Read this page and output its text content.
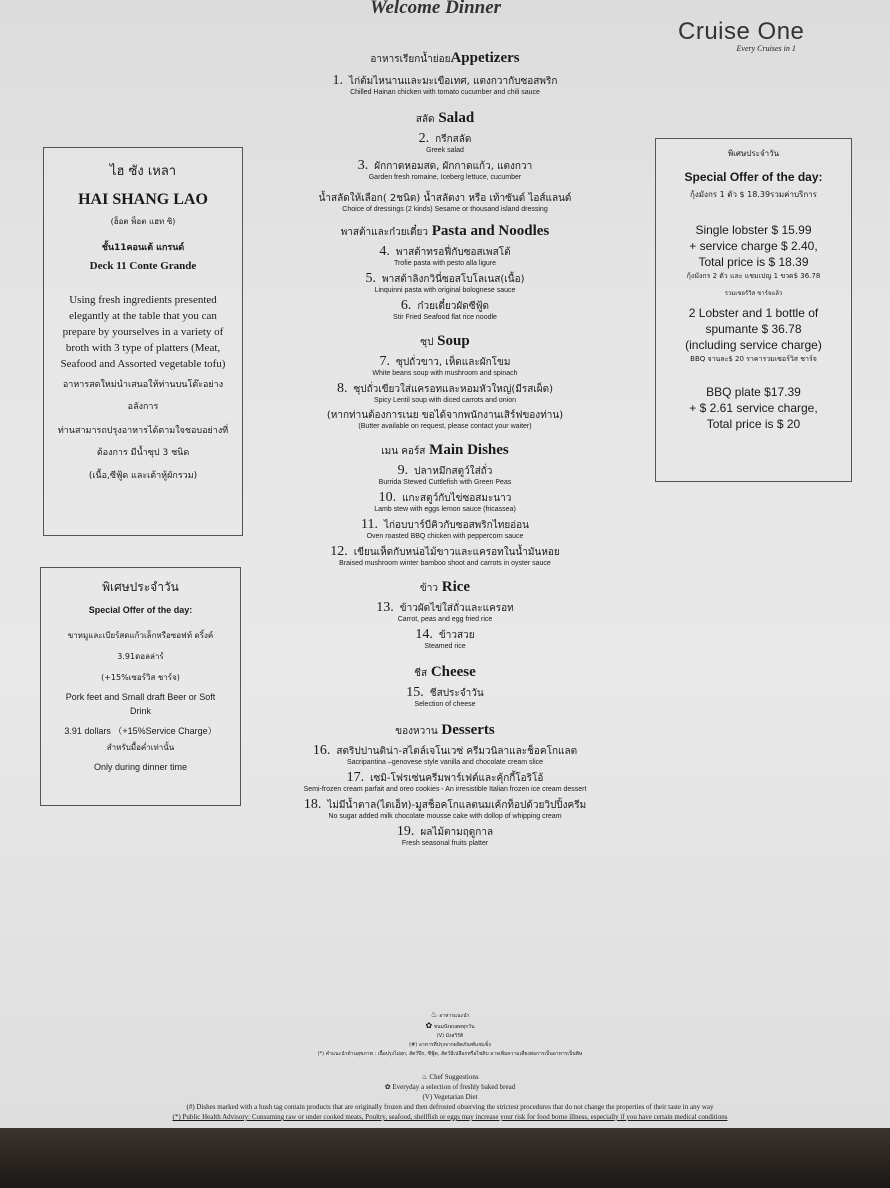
Welcome Dinner
Cruise One
Every Cruises in 1

ไฮ ซัง เหลา

HAI SHANG LAO

(ฮ็อต พ็อต แฮท ซิ)

ชั้น11คอนเต้ แกรนด์

Deck 11 Conte Grande

Using fresh ingredients presented elegantly at the table that you can prepare by yourselves in a variety of broth with 3 type of platters (Meat, Seafood and Assorted vegetable tofu)

อาหารสดใหม่นำเสนอให้ท่านบนโต๊ะอย่างอลังการ

ท่านสามารถปรุงอาหารได้ตามใจชอบอย่างที่ต้องการ มีน้ำซุป 3 ชนิด

(เนื้อ,ซีฟู้ด และเต้าหู้ผักรวม)

พิเศษประจำวัน

Special Offer of the day:

ขาหมูและเบียร์สดแก้วเล็กหรือซอฟท์ ดริ้งค์

3.91ดอลล่าร์

(+15%เซอร์วิส ชาร์จ)

Pork feet and Small draft Beer or Soft Drink

3.91 dollars （+15%Service Charge）

สำหรับมื้อค่ำเท่านั้น

Only during dinner time

พิเศษประจำวัน

Special Offer of the day:

กุ้งมังกร 1 ตัว $ 18.39รวมค่าบริการ

Single lobster $ 15.99

+ service charge $ 2.40,

Total price is $ 18.39

กุ้งมังกร 2 ตัว และ แชมเปญ 1 ขวด$ 36.78

รวมเซอร์วิส ชาร์จแล้ว

2 Lobster and 1 bottle of

spumante $ 36.78

(including service charge)

BBQ จานละ$ 20 ราคารวมเซอร์วิส ชาร์จ

BBQ plate $17.39

+ $ 2.61 service charge,

Total price is $ 20

อาหารเรียกน้ำย่อยAppetizers
1. ไก่ต้มไหนานและมะเขือเทศ, แตงกวากับซอสพริก
Chilled Hainan chicken with tomato cucumber and chili sauce
สลัด Salad
2. กรีกสลัด
Greek salad
3. ผักกาดหอมสด, ผักกาดแก้ว, แตงกวา
Garden fresh romaine, Iceberg lettuce, cucumber
น้ำสลัดให้เลือก( 2ชนิด) น้ำสลัดงา หรือ เท้าซันด์ ไอส์แลนด์
Choice of dressings (2 kinds) Sesame or thousand island dressing
พาสต้าและก๋วยเตี๋ยว Pasta and Noodles
4. พาสต้าทรอฟี่กับซอสเพสโต้
Trofie pasta with pesto alla ligure
5. พาสต้าลิงกวินี่ซอสโบโลเนส(เนื้อ)
Linquinni pasta with original bolognese sauce
6. ก๋วยเตี๋ยวผัดซีฟู้ด
Stir Fried Seafood flat rice noodle
ซุป Soup
7. ซุปถั่วขาว, เห็ดและผักโขม
White beans soup with mushroom and spinach
8. ซุปถั่วเขียวใส่แครอทและหอมหัวใหญ่(มีรสเผ็ด)
Spicy Lentil soup with diced carrots and onion
(หากท่านต้องการเนย ขอได้จากพนักงานเสิร์ฟของท่าน)
(Butter available on request, please contact your waiter)
เมน คอร์ส Main Dishes
9. ปลาหมึกสตูว์ใส่ถั่ว
Burrida Stewed Cuttlefish with Green Peas
10. แกะสตูว์กับไข่ซอสมะนาว
Lamb stew with eggs lemon sauce (fricassea)
11. ไก่อบบาร์บีคิวกับซอสพริกไทยอ่อน
Oven roasted BBQ chicken with peppercorn sauce
12. เขียนเห็ดกับหน่อไม้ขาวและแครอทในน้ำมันหอย
Braised mushroom winter bamboo shoot and carrots in oyster sauce
ข้าว Rice
13. ข้าวผัดไข่ใส่ถั่วและแครอท
Carrot, peas and egg fried rice
14. ข้าวสวย
Steamed rice
ชีส Cheese
15. ชีสประจำวัน
Selection of cheese
ของหวาน Desserts
16. สตริปปานติน่า-สไตล์เจโนเวซ่ ครีมวนิลาและช็อคโกแลต
Sacripantina –genovese style vanilla and chocolate cream slice
17. เซมิ-โฟรเซ่นครีมพาร์เฟต์และคุ้กกี้โอริโอ้
Semi-frozen cream parfait and oreo cookies - An irresistible Italian frozen ice cream dessert
18. ไม่มีน้ำตาล(ไดเอ็ท)-มูสช็อคโกแลตนมเค้กท็อปด้วยวิปปิ้งครีม
No sugar added milk chocolate mousse cake with dollop of whipping cream
19. ผลไม้ตามฤดูกาล
Fresh seasonal fruits platter
♨ อาหารแนะนำ
✿ ขนมปังอบสดทุกวัน
(V) มังสวิรัติ
(#) อาหารที่ปรุงจากผลิตภัณฑ์แช่แข็ง
(*) คำแนะนำด้านสุขภาพ : เนื้อปรุงไม่สุก, สัตว์ปีก, ซีฟู้ด, สัตว์มีเปลือกหรือไข่ดิบ อาจเพิ่มความเสี่ยงต่อการเป็นอาหารเป็นพิษ
♨ Chef Suggestions
✿ Everyday a selection of freshly baked bread
(V) Vegetarian Diet
(#) Dishes marked with a hush tag contain products that are originally frozen and then defrosted observing the strictest procedures that do not change the properties of their taste in any way
(*) Public Health Advisory: Consuming raw or under cooked meats, Poultry, seafood, shellfish or eggs may increase your risk for food borne illness, especially if you have certain medical conditions
